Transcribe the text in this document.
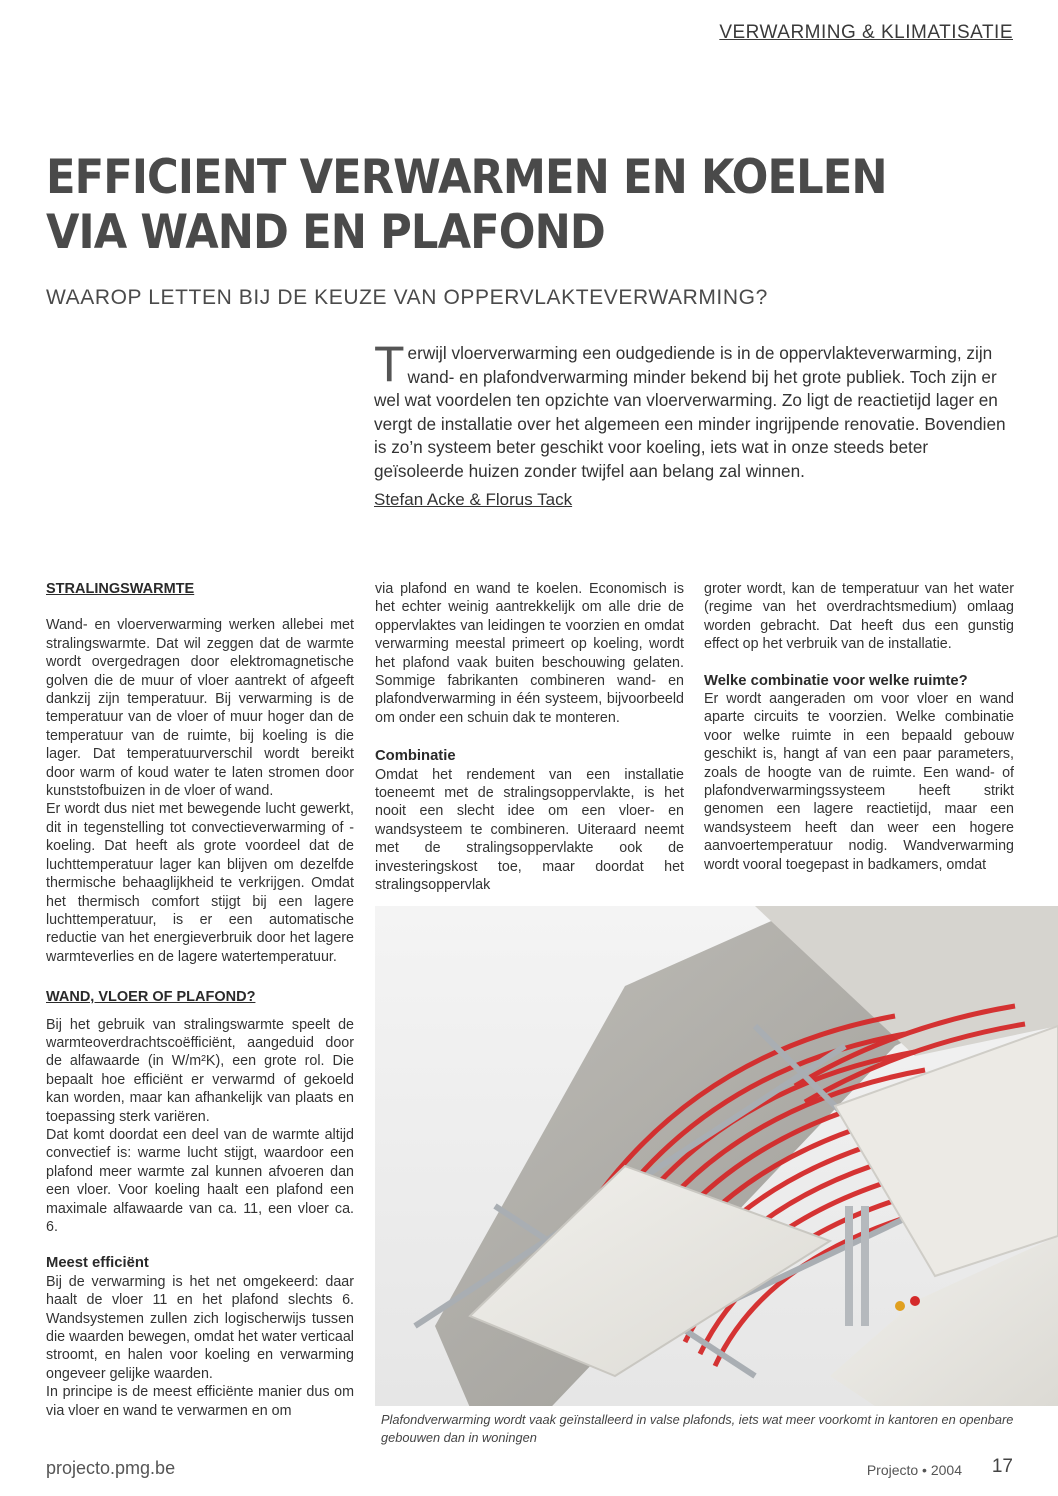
VERWARMING & KLIMATISATIE
EFFICIENT VERWARMEN EN KOELEN
VIA WAND EN PLAFOND
WAAROP LETTEN BIJ DE KEUZE VAN OPPERVLAKTEVERWARMING?
Terwijl vloerverwarming een oudgediende is in de oppervlakteverwarming, zijn wand- en plafondverwarming minder bekend bij het grote publiek. Toch zijn er wel wat voordelen ten opzichte van vloerverwarming. Zo ligt de reactietijd lager en vergt de installatie over het algemeen een minder ingrijpende renovatie. Bovendien is zo’n systeem beter geschikt voor koeling, iets wat in onze steeds beter geïsoleerde huizen zonder twijfel aan belang zal winnen.
Stefan Acke & Florus Tack

STRALINGSWARMTE

Wand- en vloerverwarming werken allebei met stralingswarmte. Dat wil zeggen dat de warmte wordt overgedragen door elektromagnetische golven die de muur of vloer aantrekt of afgeeft dankzij zijn temperatuur. Bij verwarming is de temperatuur van de vloer of muur hoger dan de temperatuur van de ruimte, bij koeling is die lager. Dat temperatuurverschil wordt bereikt door warm of koud water te laten stromen door kunststofbuizen in de vloer of wand.

Er wordt dus niet met bewegende lucht gewerkt, dit in tegenstelling tot convectieverwarming of -koeling. Dat heeft als grote voordeel dat de luchttemperatuur lager kan blijven om dezelfde thermische behaaglijkheid te verkrijgen. Omdat het thermisch comfort stijgt bij een lagere luchttemperatuur, is er een automatische reductie van het energieverbruik door het lagere warmteverlies en de lagere watertemperatuur.

WAND, VLOER OF PLAFOND?

Bij het gebruik van stralingswarmte speelt de warmteoverdrachtscoëfficiënt, aangeduid door de alfawaarde (in W/m²K), een grote rol. Die bepaalt hoe efficiënt er verwarmd of gekoeld kan worden, maar kan afhankelijk van plaats en toepassing sterk variëren.

Dat komt doordat een deel van de warmte altijd convectief is: warme lucht stijgt, waardoor een plafond meer warmte zal kunnen afvoeren dan een vloer. Voor koeling haalt een plafond een maximale alfawaarde van ca. 11, een vloer ca. 6.

Meest efficiënt

Bij de verwarming is het net omgekeerd: daar haalt de vloer 11 en het plafond slechts 6. Wandsystemen zullen zich logischerwijs tussen die waarden bewegen, omdat het water verticaal stroomt, en halen voor koeling en verwarming ongeveer gelijke waarden.

In principe is de meest efficiënte manier dus om via vloer en wand te verwarmen en om

via plafond en wand te koelen. Economisch is het echter weinig aantrekkelijk om alle drie de oppervlaktes van leidingen te voorzien en omdat verwarming meestal primeert op koeling, wordt het plafond vaak buiten beschouwing gelaten. Sommige fabrikanten combineren wand- en plafondverwarming in één systeem, bijvoorbeeld om onder een schuin dak te monteren.

Combinatie

Omdat het rendement van een installatie toeneemt met de stralingsoppervlakte, is het nooit een slecht idee om een vloer- en wandsysteem te combineren. Uiteraard neemt met de stralingsoppervlakte ook de investeringskost toe, maar doordat het stralingsoppervlak

groter wordt, kan de temperatuur van het water (regime van het overdrachtsmedium) omlaag worden gebracht. Dat heeft dus een gunstig effect op het verbruik van de installatie.

Welke combinatie voor welke ruimte?

Er wordt aangeraden om voor vloer en wand aparte circuits te voorzien. Welke combinatie voor welke ruimte in een bepaald gebouw geschikt is, hangt af van een paar parameters, zoals de hoogte van de ruimte. Een wand- of plafondverwarmingssysteem heeft strikt genomen een lagere reactietijd, maar een wandsysteem heeft dan weer een hogere aanvoertemperatuur nodig. Wandverwarming wordt vooral toegepast in badkamers, omdat

Plafondverwarming wordt vaak geïnstalleerd in valse plafonds, iets wat meer voorkomt in kantoren en openbare gebouwen dan in woningen
projecto.pmg.be	Projecto • 2004 17
